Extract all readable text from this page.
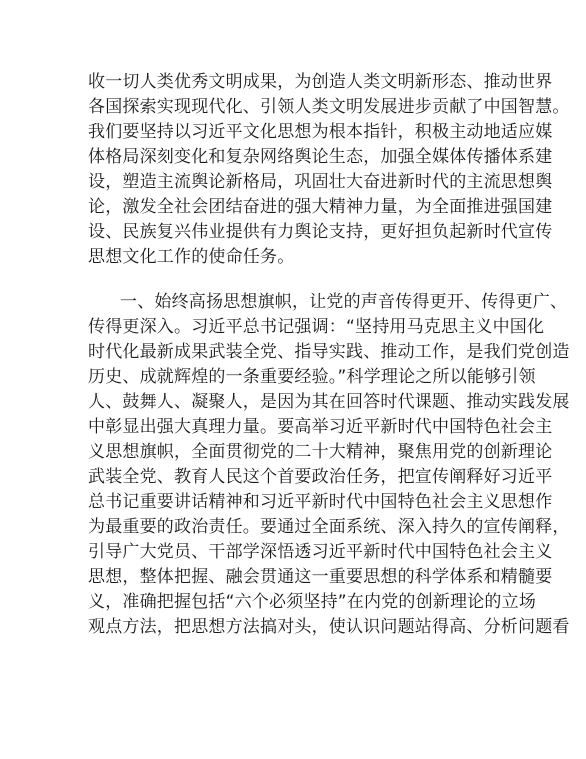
收一切人类优秀文明成果，为创造人类文明新形态、推动世界
各国探索实现现代化、引领人类文明发展进步贡献了中国智慧。
我们要坚持以习近平文化思想为根本指针，积极主动地适应媒
体格局深刻变化和复杂网络舆论生态，加强全媒体传播体系建
设，塑造主流舆论新格局，巩固壮大奋进新时代的主流思想舆
论，激发全社会团结奋进的强大精神力量，为全面推进强国建
设、民族复兴伟业提供有力舆论支持，更好担负起新时代宣传
思想文化工作的使命任务。
一、始终高扬思想旗帜，让党的声音传得更开、传得更广、
传得更深入。习近平总书记强调：“坚持用马克思主义中国化
时代化最新成果武装全党、指导实践、推动工作，是我们党创造
历史、成就辉煌的一条重要经验。”科学理论之所以能够引领
人、鼓舞人、凝聚人，是因为其在回答时代课题、推动实践发展
中彰显出强大真理力量。要高举习近平新时代中国特色社会主
义思想旗帜，全面贯彻党的二十大精神，聚焦用党的创新理论
武装全党、教育人民这个首要政治任务，把宣传阐释好习近平
总书记重要讲话精神和习近平新时代中国特色社会主义思想作
为最重要的政治责任。要通过全面系统、深入持久的宣传阐释，
引导广大党员、干部学深悟透习近平新时代中国特色社会主义
思想，整体把握、融会贯通这一重要思想的科学体系和精髓要
义，准确把握包括“六个必须坚持”在内党的创新理论的立场
观点方法，把思想方法搞对头，使认识问题站得高、分析问题看
